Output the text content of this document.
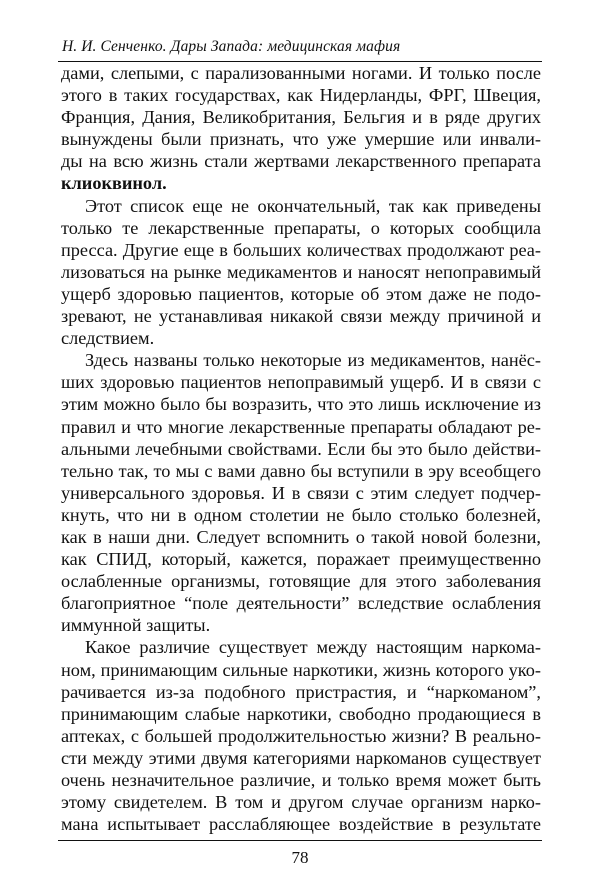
Н. И. Сенченко. Дары Запада: медицинская мафия
дами, слепыми, с парализованными ногами. И только после
этого в таких государствах, как Нидерланды, ФРГ, Швеция,
Франция, Дания, Великобритания, Бельгия и в ряде других
вынуждены были признать, что уже умершие или инвали-
ды на всю жизнь стали жертвами лекарственного препарата
клиоквинол.
Этот список еще не окончательный, так как приведены
только те лекарственные препараты, о которых сообщила
пресса. Другие еще в больших количествах продолжают реа-
лизоваться на рынке медикаментов и наносят непоправимый
ущерб здоровью пациентов, которые об этом даже не подо-
зревают, не устанавливая никакой связи между причиной и
следствием.
Здесь названы только некоторые из медикаментов, нанёс-
ших здоровью пациентов непоправимый ущерб. И в связи с
этим можно было бы возразить, что это лишь исключение из
правил и что многие лекарственные препараты обладают ре-
альными лечебными свойствами. Если бы это было действи-
тельно так, то мы с вами давно бы вступили в эру всеобщего
универсального здоровья. И в связи с этим следует подчер-
кнуть, что ни в одном столетии не было столько болезней,
как в наши дни. Следует вспомнить о такой новой болезни,
как СПИД, который, кажется, поражает преимущественно
ослабленные организмы, готовящие для этого заболевания
благоприятное “поле деятельности” вследствие ослабления
иммунной защиты.
Какое различие существует между настоящим наркома-
ном, принимающим сильные наркотики, жизнь которого уко-
рачивается из-за подобного пристрастия, и “наркоманом”,
принимающим слабые наркотики, свободно продающиеся в
аптеках, с большей продолжительностью жизни? В реально-
сти между этими двумя категориями наркоманов существует
очень незначительное различие, и только время может быть
этому свидетелем. В том и другом случае организм нарко-
мана испытывает расслабляющее воздействие в результате
78
